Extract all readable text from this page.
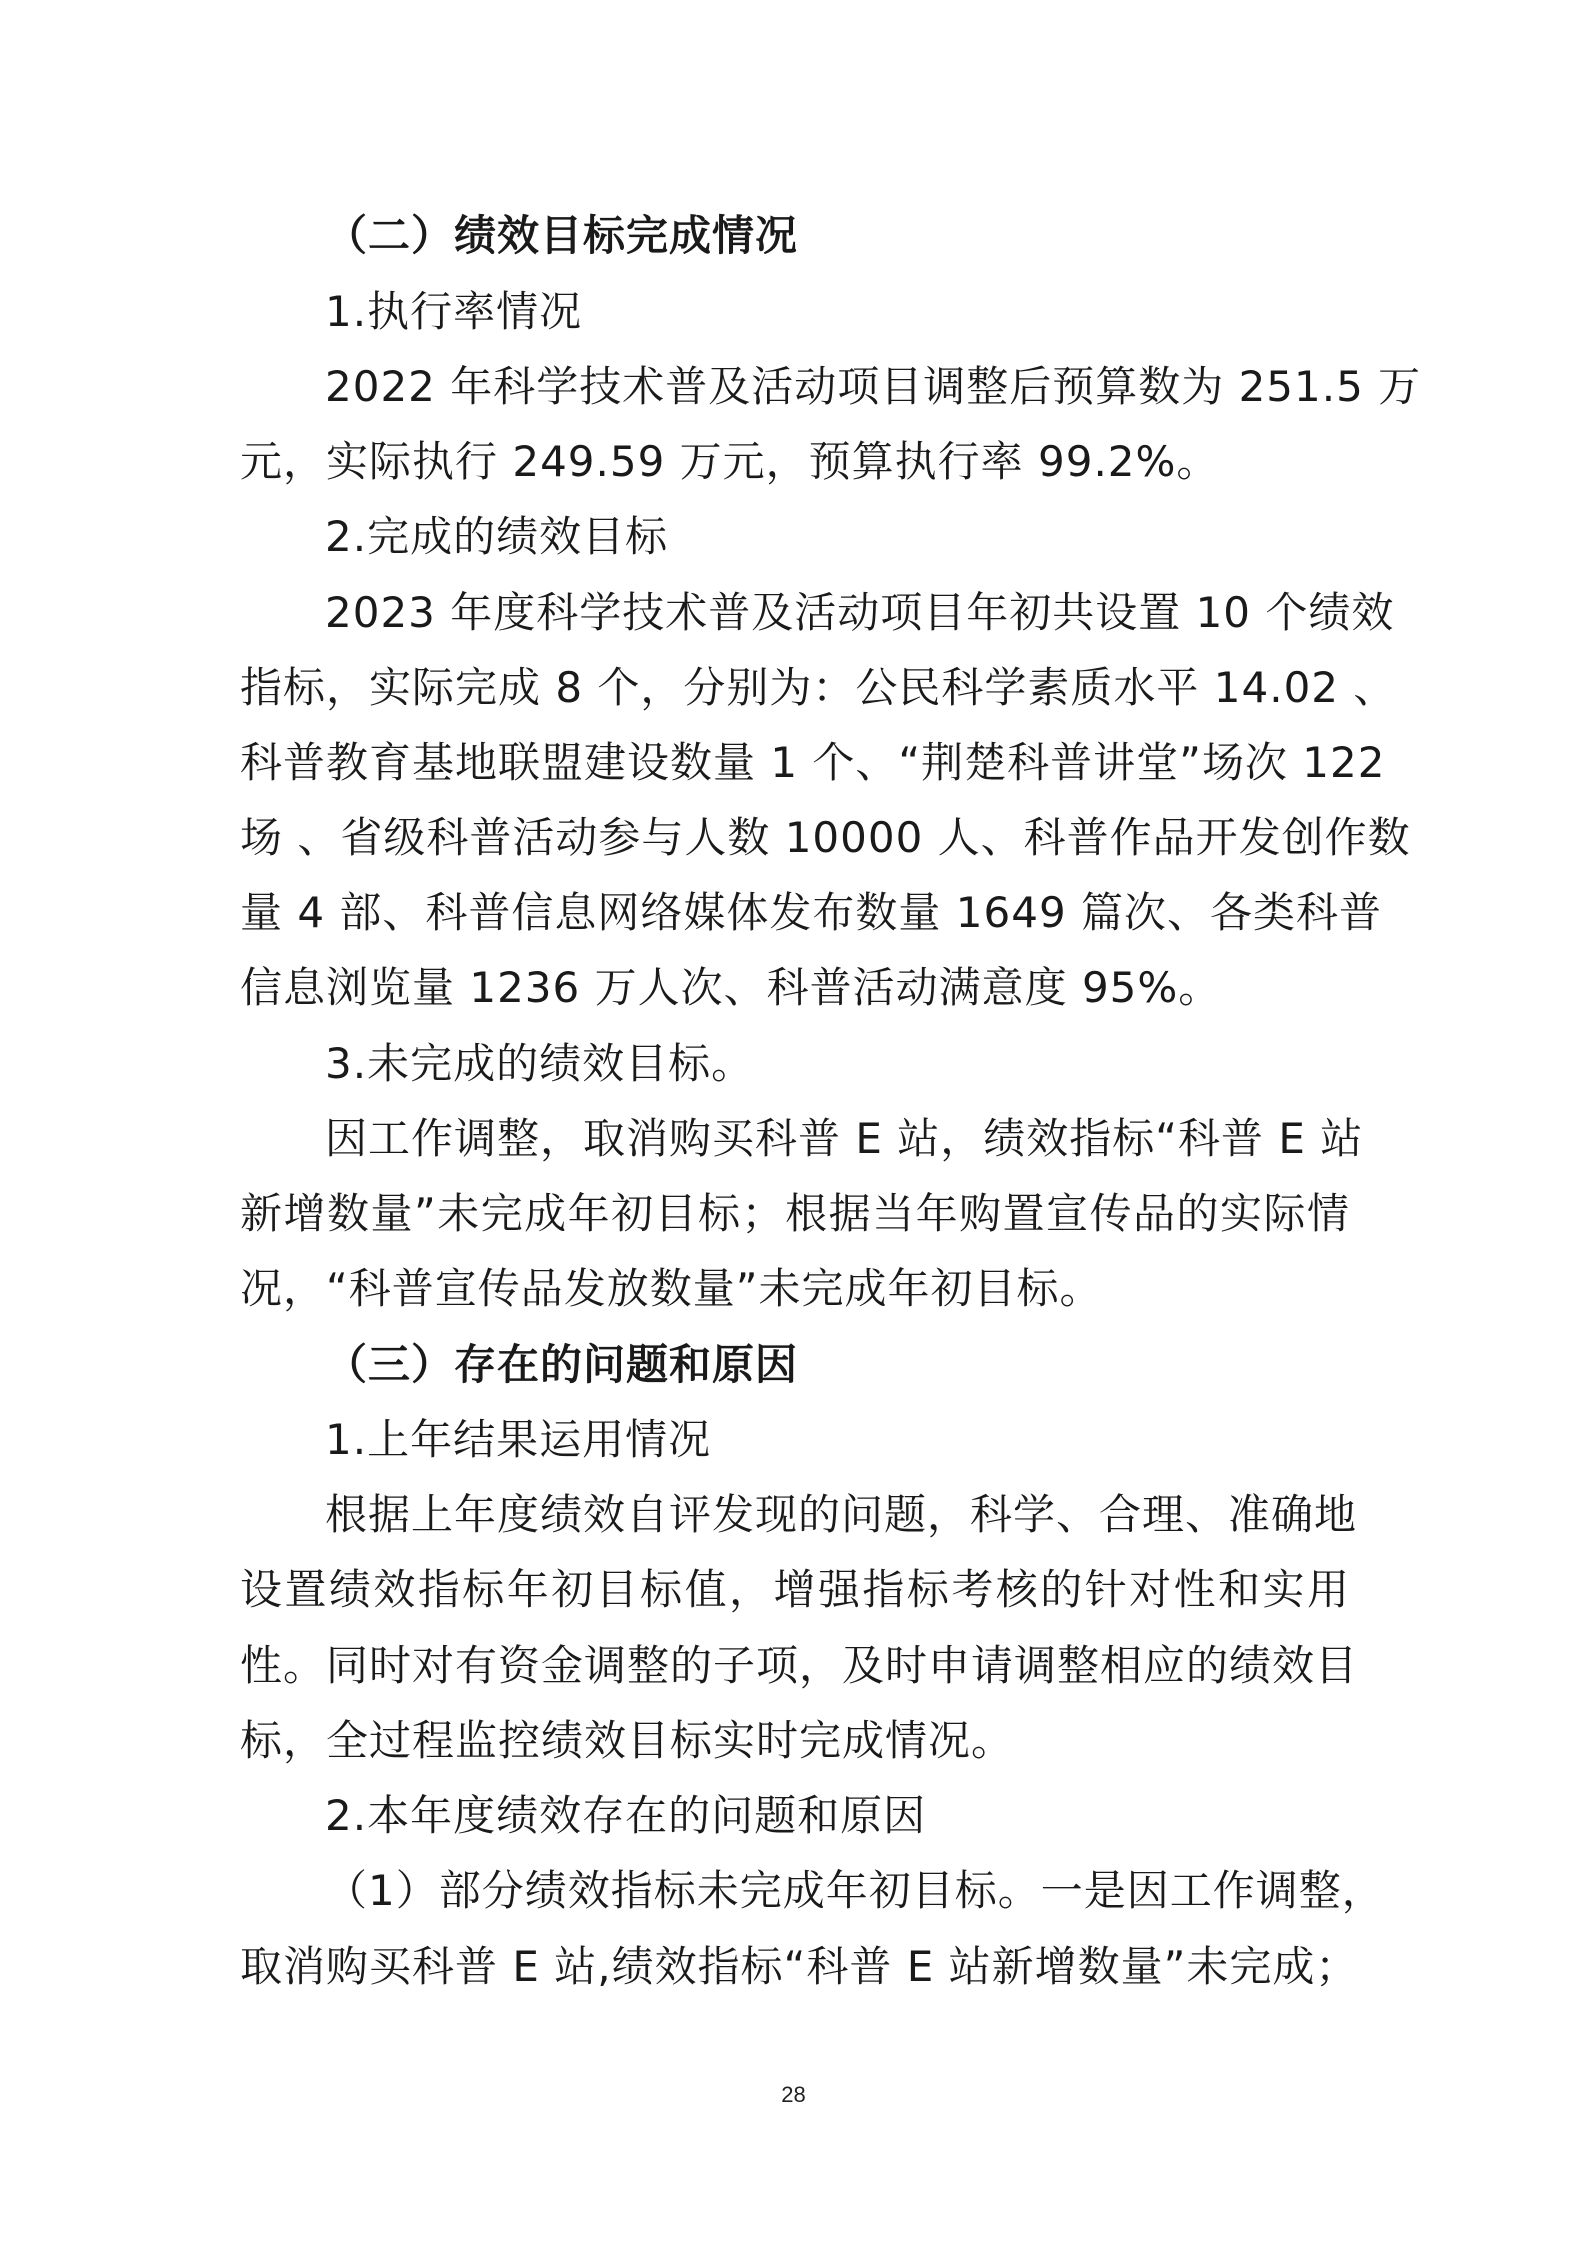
（二）绩效目标完成情况
1.执行率情况
2022 年科学技术普及活动项目调整后预算数为 251.5 万
元，实际执行 249.59 万元，预算执行率 99.2%。
2.完成的绩效目标
2023 年度科学技术普及活动项目年初共设置 10 个绩效
指标，实际完成 8 个，分别为：公民科学素质水平 14.02 、
科普教育基地联盟建设数量 1 个、“荆楚科普讲堂”场次 122
场 、省级科普活动参与人数 10000 人、科普作品开发创作数
量 4 部、科普信息网络媒体发布数量 1649 篇次、各类科普
信息浏览量 1236 万人次、科普活动满意度 95%。
3.未完成的绩效目标。
因工作调整，取消购买科普 E 站，绩效指标“科普 E 站
新增数量”未完成年初目标；根据当年购置宣传品的实际情
况，“科普宣传品发放数量”未完成年初目标。
（三）存在的问题和原因
1.上年结果运用情况
根据上年度绩效自评发现的问题，科学、合理、准确地
设置绩效指标年初目标值，增强指标考核的针对性和实用
性。同时对有资金调整的子项，及时申请调整相应的绩效目
标，全过程监控绩效目标实时完成情况。
2.本年度绩效存在的问题和原因
（1）部分绩效指标未完成年初目标。一是因工作调整，
取消购买科普 E 站,绩效指标“科普 E 站新增数量”未完成；
28
